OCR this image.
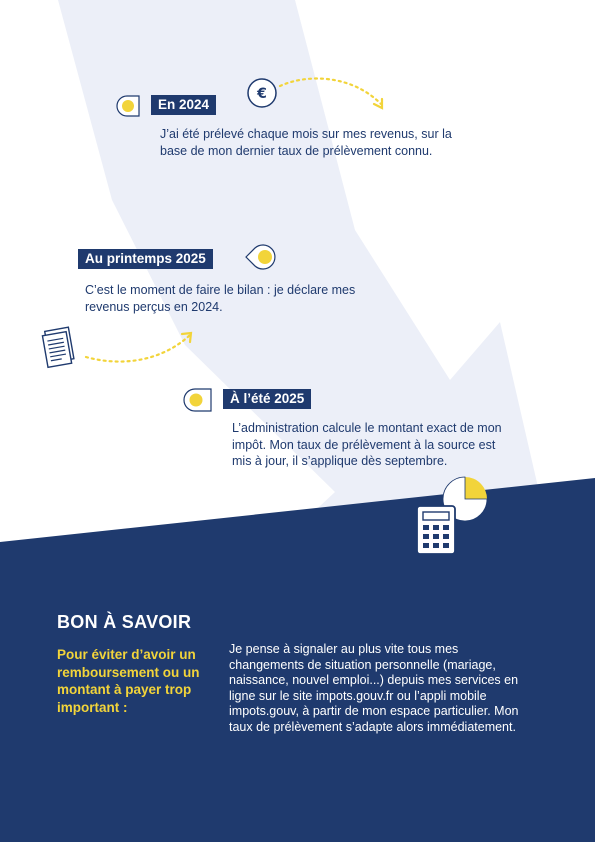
En 2024
€
J’ai été prélevé chaque mois sur mes revenus, sur la base de mon dernier taux de prélèvement connu.
Au printemps 2025
C’est le moment de faire le bilan : je déclare mes revenus perçus en 2024.
À l’été 2025
L’administration calcule le montant exact de mon impôt. Mon taux de prélèvement à la source est mis à jour, il s’applique dès septembre.
BON À SAVOIR
Pour éviter d’avoir un remboursement ou un montant à payer trop important :
Je pense à signaler au plus vite tous mes changements de situation personnelle (mariage, naissance, nouvel emploi...) depuis mes services en ligne sur le site impots.gouv.fr ou l’appli mobile impots.gouv, à partir de mon espace particulier. Mon taux de prélèvement s’adapte alors immédiatement.
